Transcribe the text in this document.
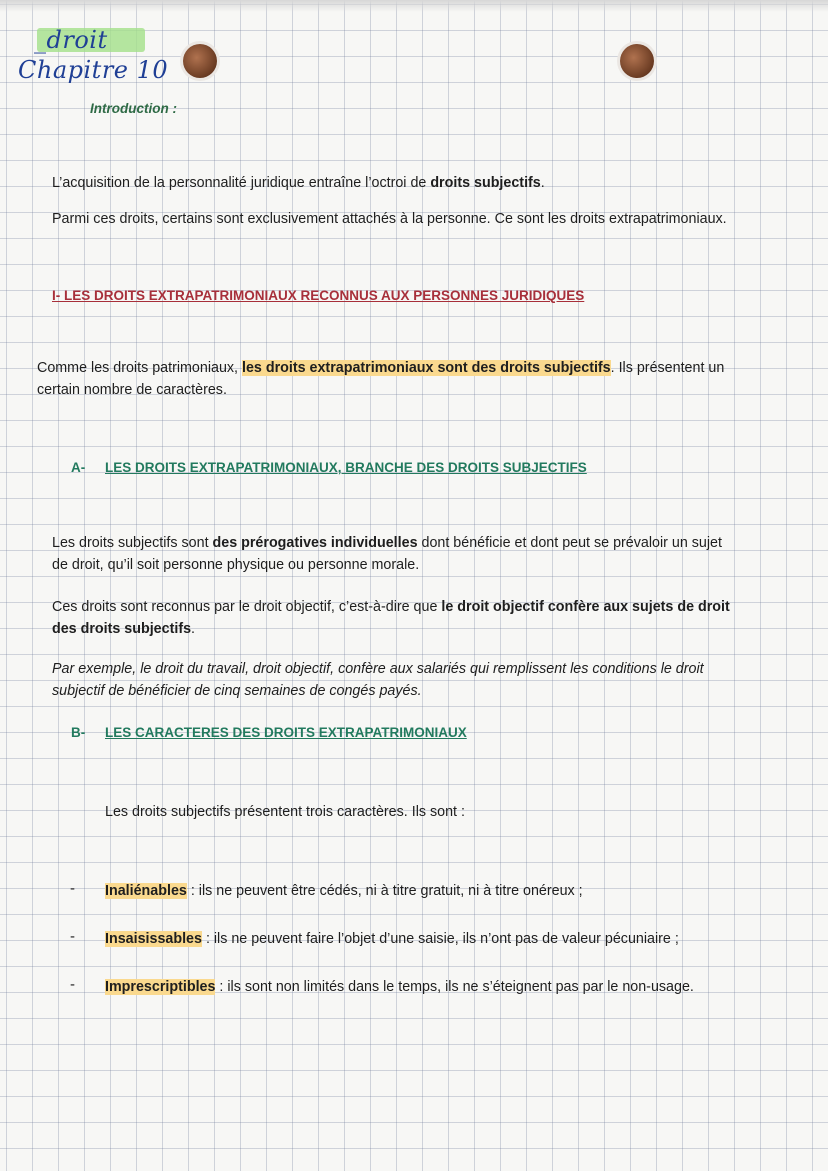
_droit
Chapitre 10
Introduction :
L’acquisition de la personnalité juridique entraîne l’octroi de droits subjectifs.
Parmi ces droits, certains sont exclusivement attachés à la personne. Ce sont les droits extrapatrimoniaux.
I- LES DROITS EXTRAPATRIMONIAUX RECONNUS AUX PERSONNES JURIDIQUES
Comme les droits patrimoniaux, les droits extrapatrimoniaux sont des droits subjectifs. Ils présentent un
certain nombre de caractères.
A- LES DROITS EXTRAPATRIMONIAUX, BRANCHE DES DROITS SUBJECTIFS
Les droits subjectifs sont des prérogatives individuelles dont bénéficie et dont peut se prévaloir un sujet
de droit, qu’il soit personne physique ou personne morale.
Ces droits sont reconnus par le droit objectif, c’est-à-dire que le droit objectif confère aux sujets de droit
des droits subjectifs.
Par exemple, le droit du travail, droit objectif, confère aux salariés qui remplissent les conditions le droit
subjectif de bénéficier de cinq semaines de congés payés.
B- LES CARACTERES DES DROITS EXTRAPATRIMONIAUX
Les droits subjectifs présentent trois caractères. Ils sont :
- Inaliénables : ils ne peuvent être cédés, ni à titre gratuit, ni à titre onéreux ;
- Insaisissables : ils ne peuvent faire l’objet d’une saisie, ils n’ont pas de valeur pécuniaire ;
- Imprescriptibles : ils sont non limités dans le temps, ils ne s’éteignent pas par le non-usage.
